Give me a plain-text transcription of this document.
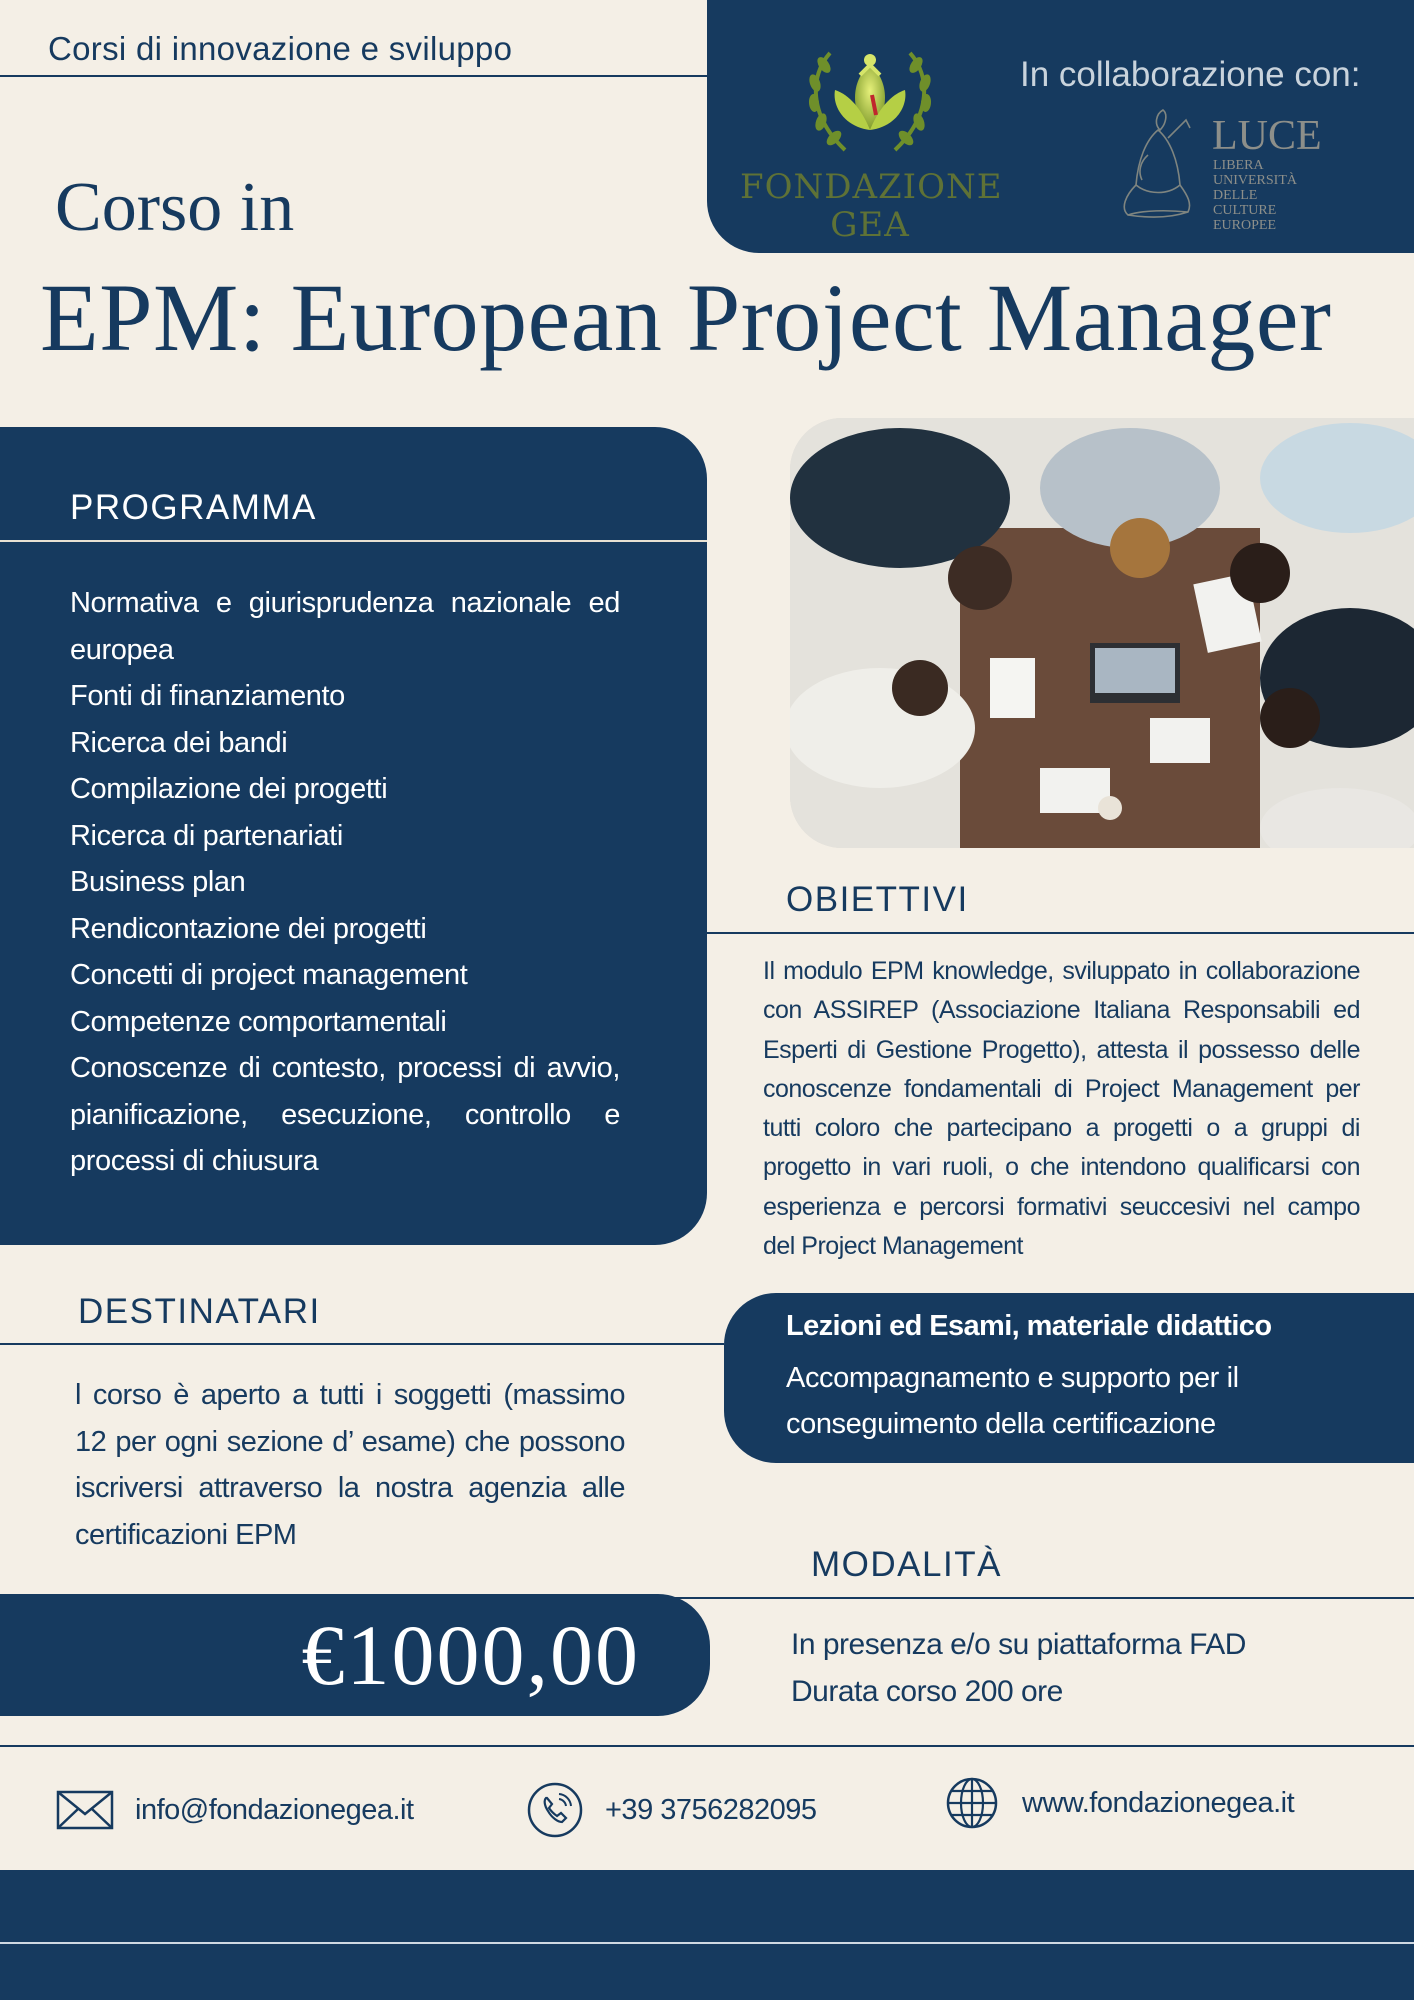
Corsi di innovazione e sviluppo
FONDAZIONE
GEA
In collaborazione con:
LUCE
LIBERA UNIVERSITÀ DELLE CULTURE EUROPEE
Corso in
EPM: European Project Manager
PROGRAMMA
Normativa e giurisprudenza nazionale ed europea
Fonti di finanziamento
Ricerca dei bandi
Compilazione dei progetti
Ricerca di partenariati
Business plan
Rendicontazione dei progetti
Concetti di project management
Competenze comportamentali
Conoscenze di contesto, processi di avvio, pianificazione, esecuzione, controllo e processi di chiusura
OBIETTIVI
Il modulo EPM knowledge, sviluppato in collaborazione con ASSIREP (Associazione Italiana Responsabili ed Esperti di Gestione Progetto), attesta il possesso delle conoscenze fondamentali di Project Management per tutti coloro che partecipano a progetti o a gruppi di progetto in vari ruoli, o che intendono qualificarsi con esperienza e percorsi formativi seuccesivi nel campo del Project Management
Lezioni ed Esami, materiale didattico
Accompagnamento e supporto per il conseguimento della certificazione
DESTINATARI
l corso è aperto a tutti i soggetti (massimo 12 per ogni sezione d’ esame) che possono iscriversi attraverso la nostra agenzia alle certificazioni EPM
MODALITÀ
In presenza e/o su piattaforma FAD
Durata corso 200 ore
€1000,00
info@fondazionegea.it	+39 3756282095	www.fondazionegea.it
